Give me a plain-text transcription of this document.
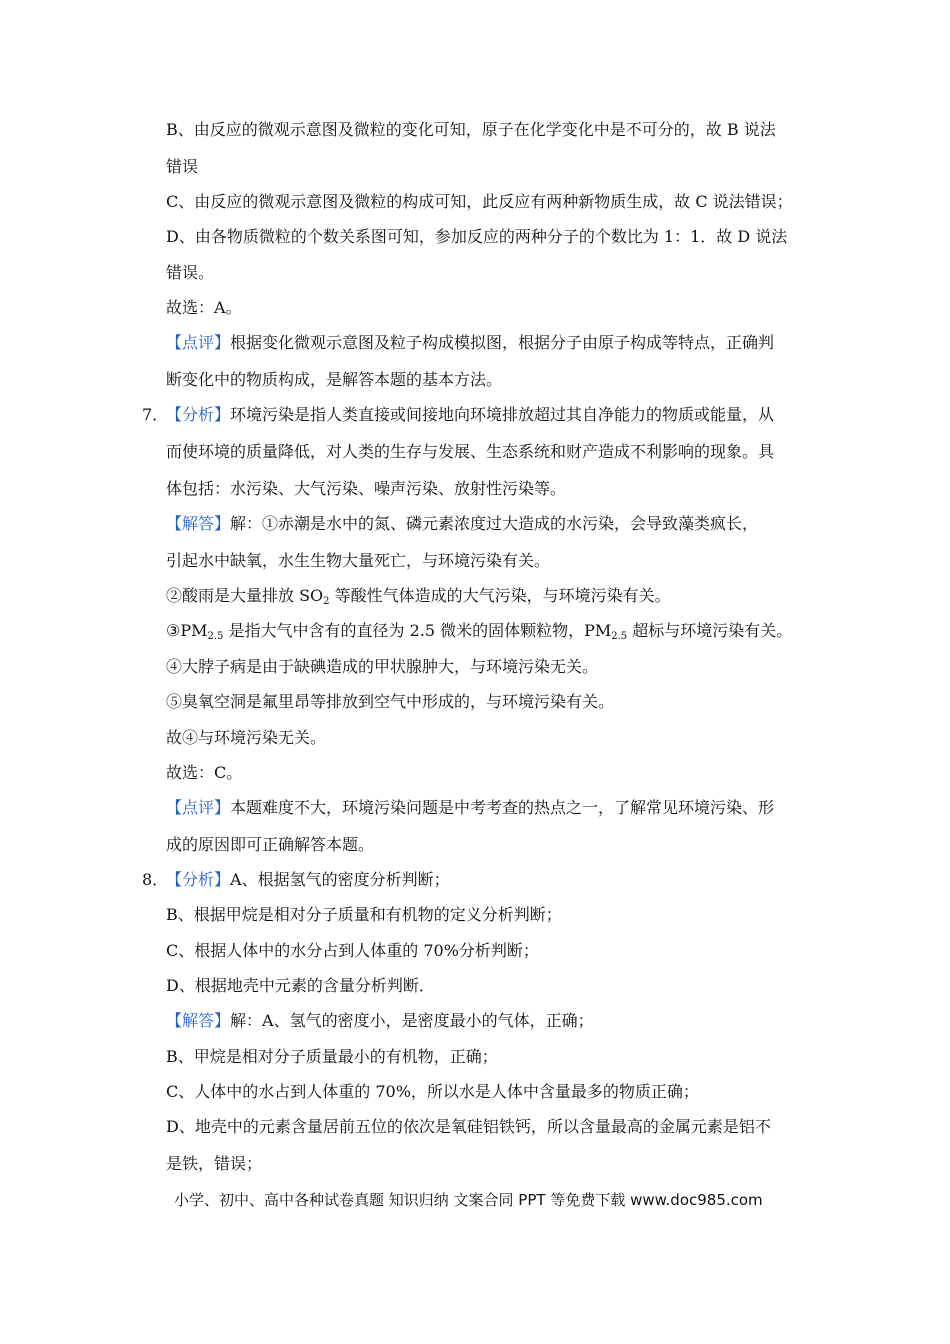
B、由反应的微观示意图及微粒的变化可知，原子在化学变化中是不可分的，故 B 说法
错误
C、由反应的微观示意图及微粒的构成可知，此反应有两种新物质生成，故 C 说法错误；
D、由各物质微粒的个数关系图可知，参加反应的两种分子的个数比为 1：1．故 D 说法
错误。
故选：A。
【点评】根据变化微观示意图及粒子构成模拟图，根据分子由原子构成等特点，正确判
断变化中的物质构成，是解答本题的基本方法。
7．
【分析】环境污染是指人类直接或间接地向环境排放超过其自净能力的物质或能量，从
而使环境的质量降低，对人类的生存与发展、生态系统和财产造成不利影响的现象。具
体包括：水污染、大气污染、噪声污染、放射性污染等。
【解答】解：①赤潮是水中的氮、磷元素浓度过大造成的水污染，会导致藻类疯长，
引起水中缺氧，水生生物大量死亡，与环境污染有关。
②酸雨是大量排放 $SO_2$ 等酸性气体造成的大气污染，与环境污染有关。
$③PM_{2.5}$ 是指大气中含有的直径为 2.5 微米的固体颗粒物，$PM_{2.5}$ 超标与环境污染有关。
④大脖子病是由于缺碘造成的甲状腺肿大，与环境污染无关。
⑤臭氧空洞是氟里昂等排放到空气中形成的，与环境污染有关。
故④与环境污染无关。
故选：C。
【点评】本题难度不大，环境污染问题是中考考查的热点之一，了解常见环境污染、形
成的原因即可正确解答本题。
8．
【分析】A、根据氢气的密度分析判断；
B、根据甲烷是相对分子质量和有机物的定义分析判断；
C、根据人体中的水分占到人体重的 70%分析判断；
D、根据地壳中元素的含量分析判断．
【解答】解：A、氢气的密度小，是密度最小的气体，正确；
B、甲烷是相对分子质量最小的有机物，正确；
C、人体中的水占到人体重的 70%，所以水是人体中含量最多的物质正确；
D、地壳中的元素含量居前五位的依次是氧硅铝铁钙，所以含量最高的金属元素是铝不
是铁，错误；
小学、初中、高中各种试卷真题 知识归纳 文案合同 PPT 等免费下载 www.doc985.com
